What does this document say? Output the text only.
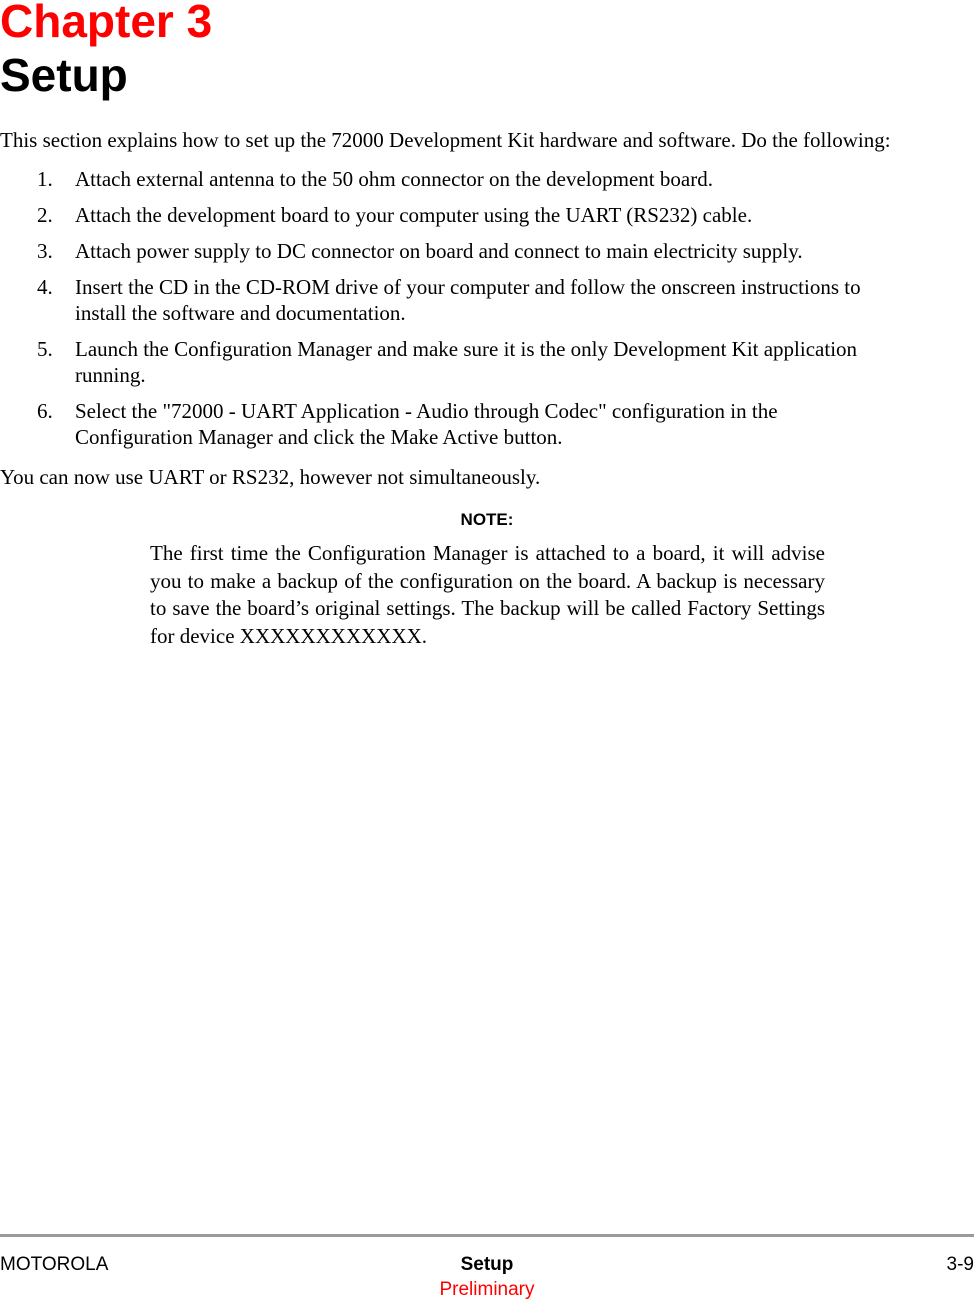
Chapter 3
Setup

This section explains how to set up the 72000 Development Kit hardware and software. Do the following:

1. Attach external antenna to the 50 ohm connector on the development board.
2. Attach the development board to your computer using the UART (RS232) cable.
3. Attach power supply to DC connector on board and connect to main electricity supply.
4. Insert the CD in the CD-ROM drive of your computer and follow the onscreen instructions to install the software and documentation.
5. Launch the Configuration Manager and make sure it is the only Development Kit application running.
6. Select the "72000 - UART Application - Audio through Codec" configuration in the Configuration Manager and click the Make Active button.

You can now use UART or RS232, however not simultaneously.

NOTE:

The first time the Configuration Manager is attached to a board, it will advise you to make a backup of the configuration on the board. A backup is necessary to save the board’s original settings. The backup will be called Factory Settings for device XXXXXXXXXXXX.

MOTOROLA	Setup	3-9
Preliminary
